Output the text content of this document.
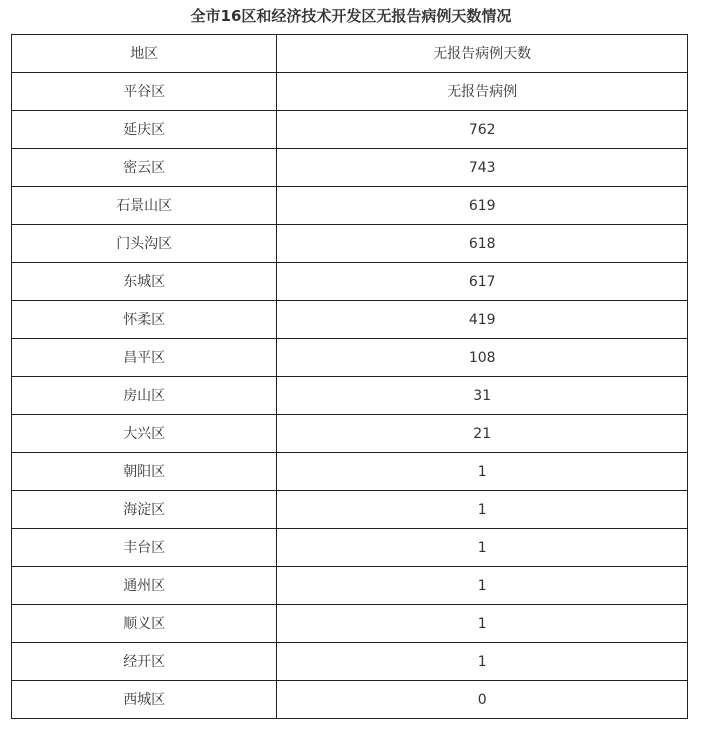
全市16区和经济技术开发区无报告病例天数情况
地区	无报告病例天数
平谷区	无报告病例
延庆区	762
密云区	743
石景山区	619
门头沟区	618
东城区	617
怀柔区	419
昌平区	108
房山区	31
大兴区	21
朝阳区	1
海淀区	1
丰台区	1
通州区	1
顺义区	1
经开区	1
西城区	0
